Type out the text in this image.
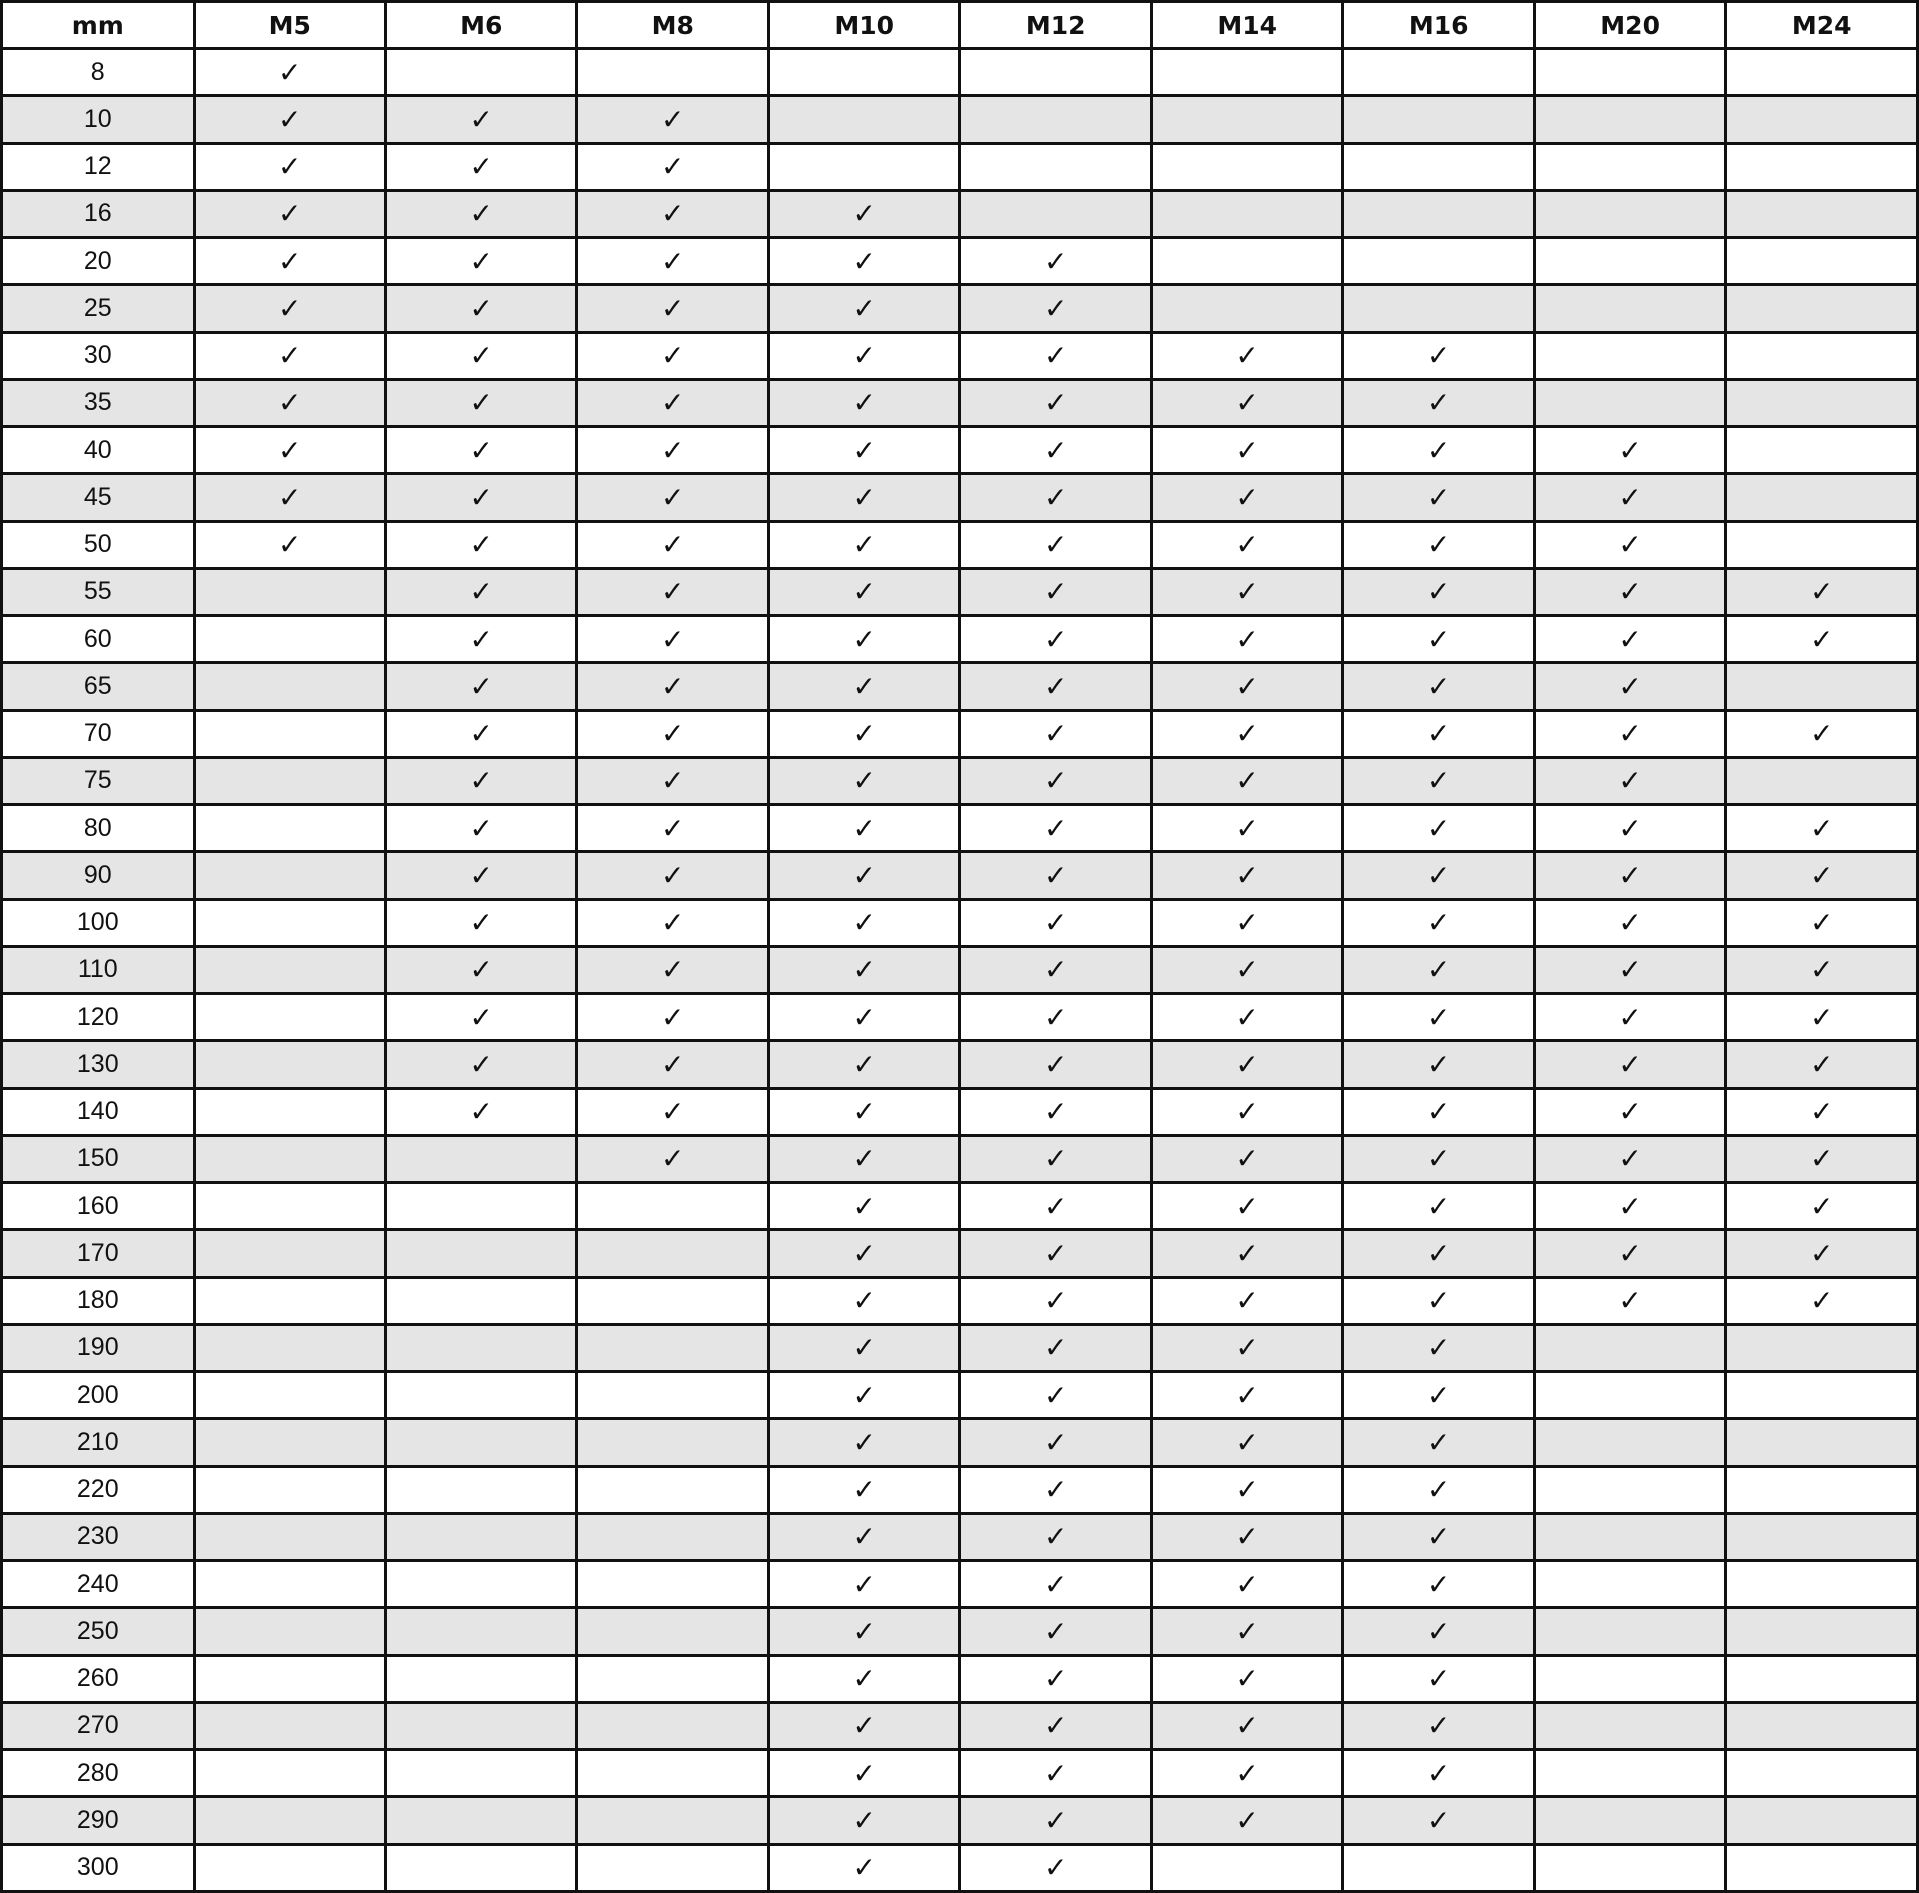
mm	M5	M6	M8	M10	M12	M14	M16	M20	M24
8	✓								
10	✓	✓	✓						
12	✓	✓	✓						
16	✓	✓	✓	✓					
20	✓	✓	✓	✓	✓				
25	✓	✓	✓	✓	✓				
30	✓	✓	✓	✓	✓	✓	✓		
35	✓	✓	✓	✓	✓	✓	✓		
40	✓	✓	✓	✓	✓	✓	✓	✓	
45	✓	✓	✓	✓	✓	✓	✓	✓	
50	✓	✓	✓	✓	✓	✓	✓	✓	
55		✓	✓	✓	✓	✓	✓	✓	✓
60		✓	✓	✓	✓	✓	✓	✓	✓
65		✓	✓	✓	✓	✓	✓	✓	
70		✓	✓	✓	✓	✓	✓	✓	✓
75		✓	✓	✓	✓	✓	✓	✓	
80		✓	✓	✓	✓	✓	✓	✓	✓
90		✓	✓	✓	✓	✓	✓	✓	✓
100		✓	✓	✓	✓	✓	✓	✓	✓
110		✓	✓	✓	✓	✓	✓	✓	✓
120		✓	✓	✓	✓	✓	✓	✓	✓
130		✓	✓	✓	✓	✓	✓	✓	✓
140		✓	✓	✓	✓	✓	✓	✓	✓
150			✓	✓	✓	✓	✓	✓	✓
160				✓	✓	✓	✓	✓	✓
170				✓	✓	✓	✓	✓	✓
180				✓	✓	✓	✓	✓	✓
190				✓	✓	✓	✓		
200				✓	✓	✓	✓		
210				✓	✓	✓	✓		
220				✓	✓	✓	✓		
230				✓	✓	✓	✓		
240				✓	✓	✓	✓		
250				✓	✓	✓	✓		
260				✓	✓	✓	✓		
270				✓	✓	✓	✓		
280				✓	✓	✓	✓		
290				✓	✓	✓	✓		
300				✓	✓				
